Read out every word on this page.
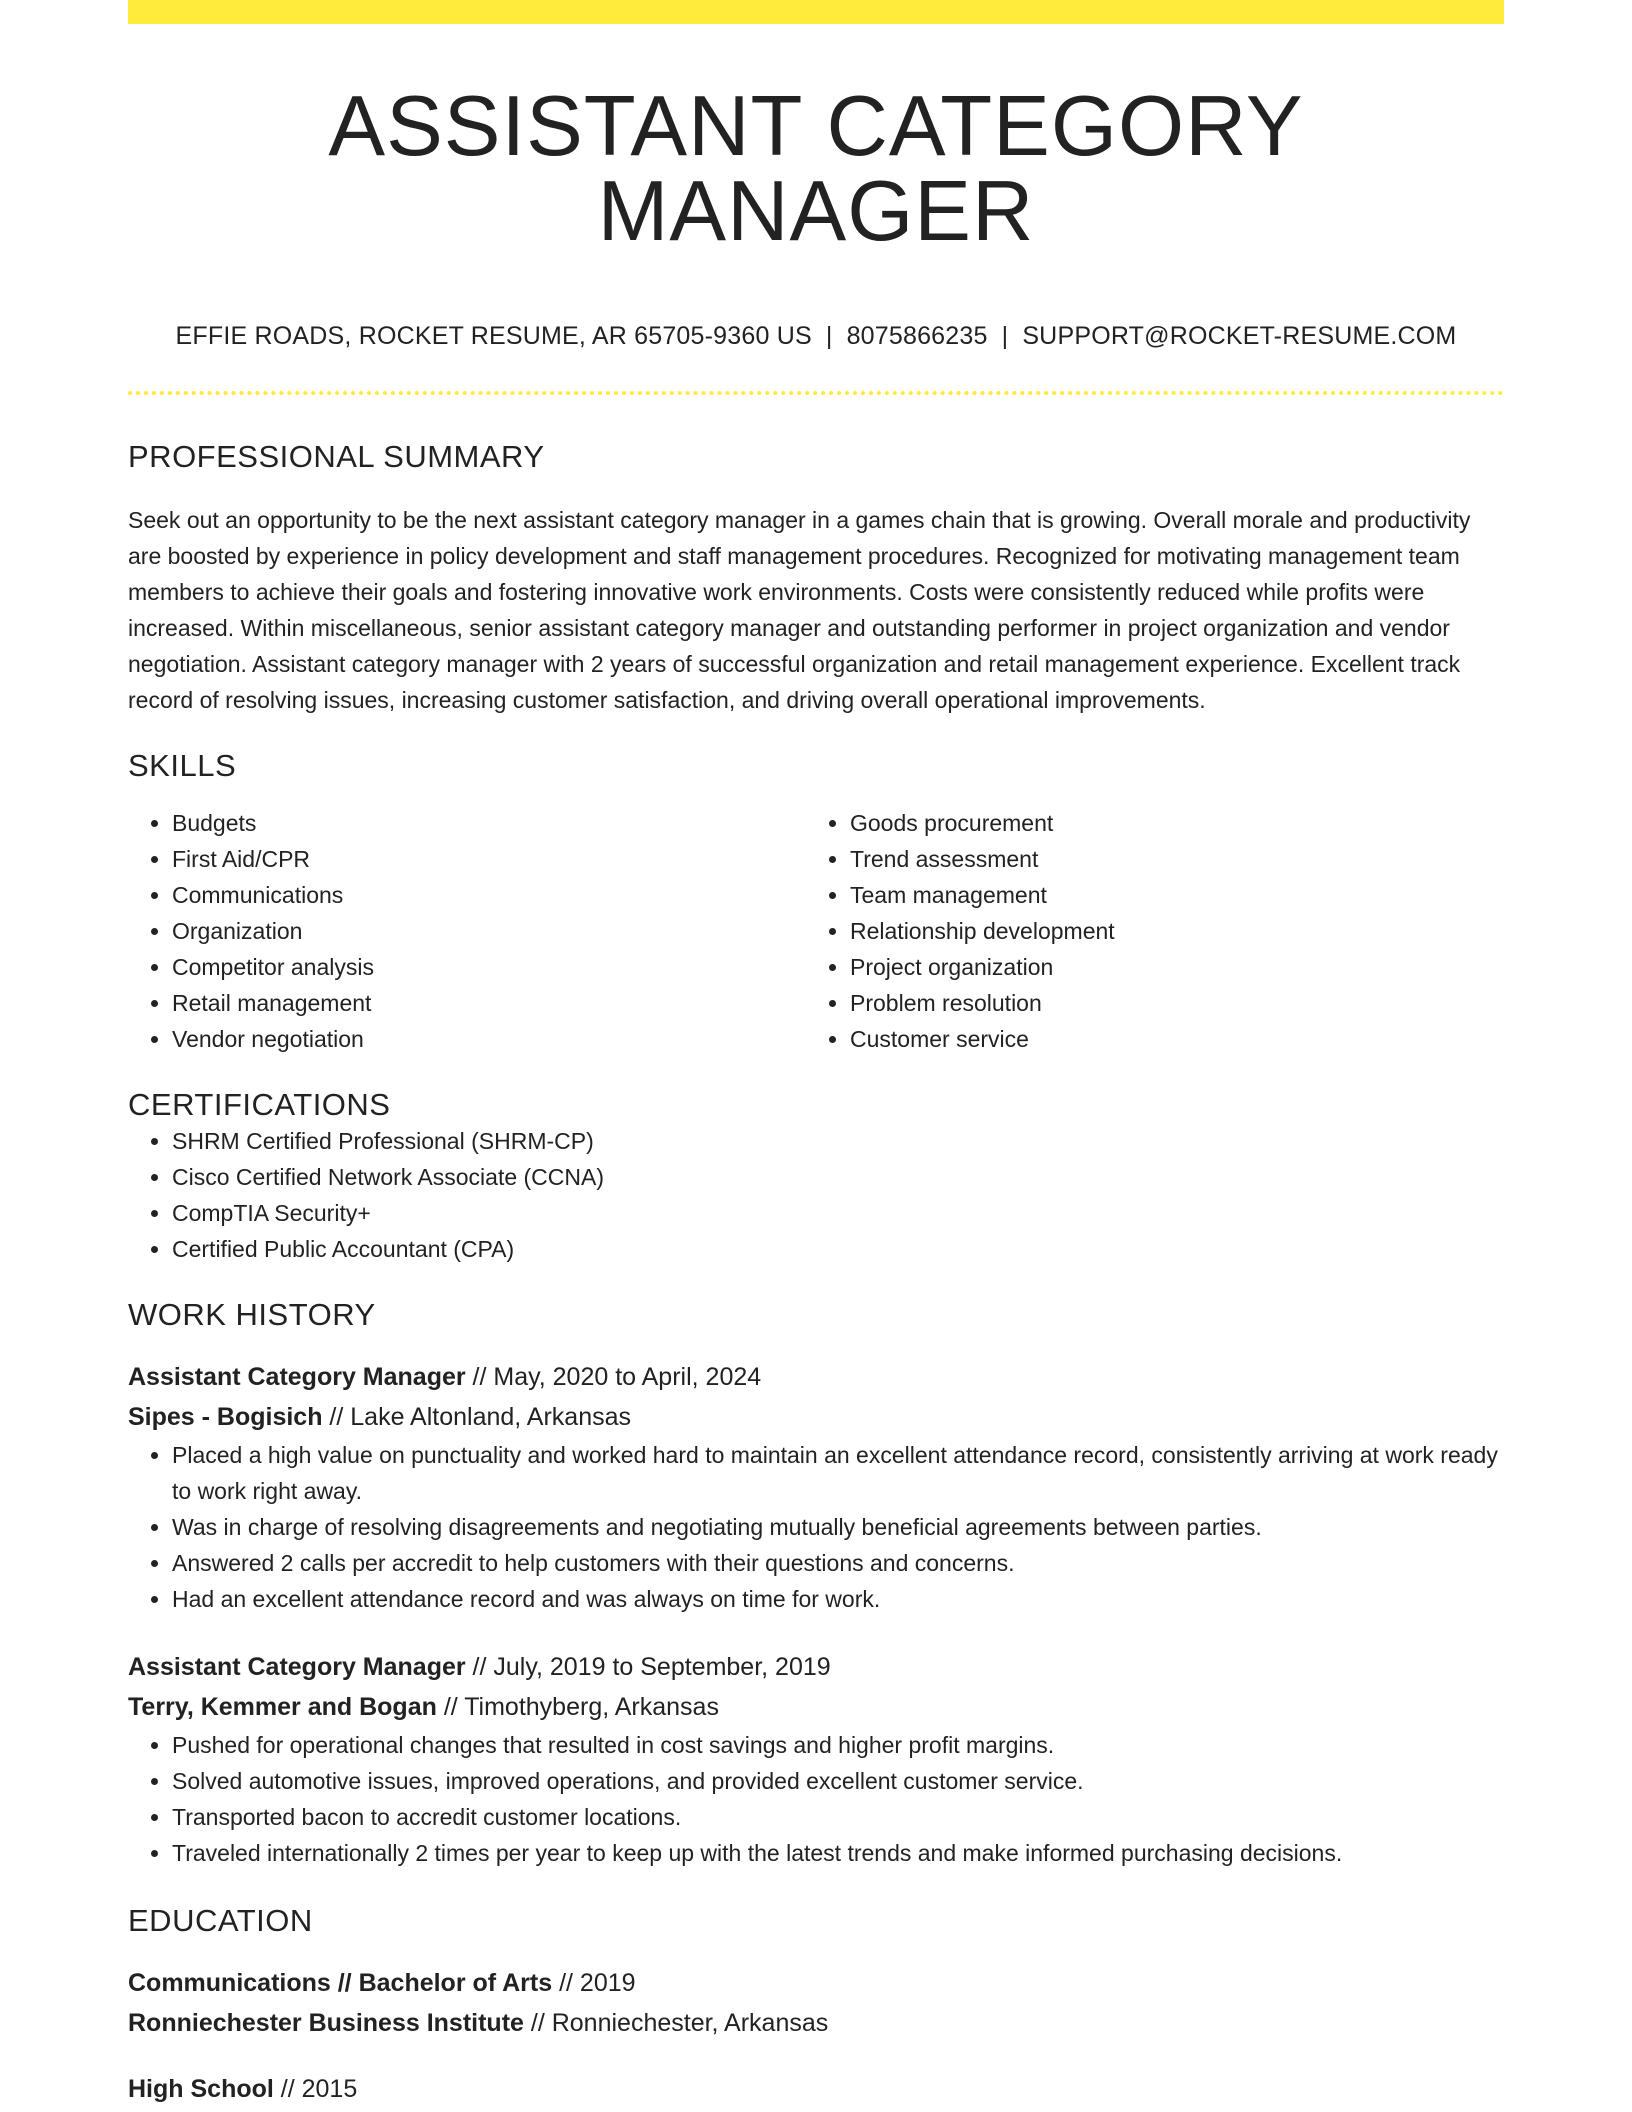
ASSISTANT CATEGORY MANAGER
EFFIE ROADS, ROCKET RESUME, AR 65705-9360 US | 8075866235 | SUPPORT@ROCKET-RESUME.COM
PROFESSIONAL SUMMARY

Seek out an opportunity to be the next assistant category manager in a games chain that is growing. Overall morale and productivity are boosted by experience in policy development and staff management procedures. Recognized for motivating management team members to achieve their goals and fostering innovative work environments. Costs were consistently reduced while profits were increased. Within miscellaneous, senior assistant category manager and outstanding performer in project organization and vendor negotiation. Assistant category manager with 2 years of successful organization and retail management experience. Excellent track record of resolving issues, increasing customer satisfaction, and driving overall operational improvements.

SKILLS
• Budgets
• First Aid/CPR
• Communications
• Organization
• Competitor analysis
• Retail management
• Vendor negotiation
• Goods procurement
• Trend assessment
• Team management
• Relationship development
• Project organization
• Problem resolution
• Customer service
CERTIFICATIONS
• SHRM Certified Professional (SHRM-CP)
• Cisco Certified Network Associate (CCNA)
• CompTIA Security+
• Certified Public Accountant (CPA)
WORK HISTORY
Assistant Category Manager // May, 2020 to April, 2024
Sipes - Bogisich // Lake Altonland, Arkansas
• Placed a high value on punctuality and worked hard to maintain an excellent attendance record, consistently arriving at work ready to work right away.
• Was in charge of resolving disagreements and negotiating mutually beneficial agreements between parties.
• Answered 2 calls per accredit to help customers with their questions and concerns.
• Had an excellent attendance record and was always on time for work.
Assistant Category Manager // July, 2019 to September, 2019
Terry, Kemmer and Bogan // Timothyberg, Arkansas
• Pushed for operational changes that resulted in cost savings and higher profit margins.
• Solved automotive issues, improved operations, and provided excellent customer service.
• Transported bacon to accredit customer locations.
• Traveled internationally 2 times per year to keep up with the latest trends and make informed purchasing decisions.
EDUCATION
Communications // Bachelor of Arts // 2019
Ronniechester Business Institute // Ronniechester, Arkansas
High School // 2015
